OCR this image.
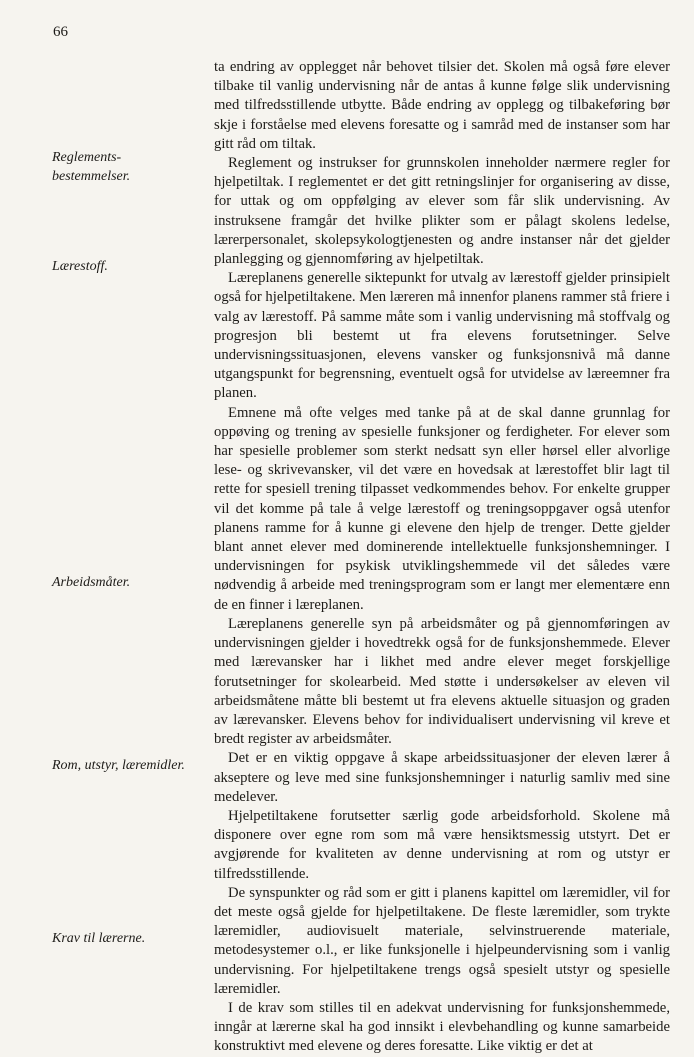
66
Reglements- bestemmelser.
Lærestoff.
Arbeidsmåter.
Rom, utstyr, læremidler.
Krav til lærerne.

ta endring av opplegget når behovet tilsier det. Skolen må også føre elever tilbake til vanlig undervisning når de antas å kunne følge slik undervisning med tilfredsstillende utbytte. Både endring av opplegg og tilbakeføring bør skje i forståelse med elevens foresatte og i samråd med de instanser som har gitt råd om tiltak.

Reglement og instrukser for grunnskolen inneholder nærmere regler for hjelpetiltak. I reglementet er det gitt retningslinjer for organisering av disse, for uttak og om oppfølging av elever som får slik undervisning. Av instruksene framgår det hvilke plikter som er pålagt skolens ledelse, lærerpersonalet, skolepsykologtjenesten og andre instanser når det gjelder planlegging og gjennomføring av hjelpetiltak.

Læreplanens generelle siktepunkt for utvalg av lærestoff gjelder prinsipielt også for hjelpetiltakene. Men læreren må innenfor planens rammer stå friere i valg av lærestoff. På samme måte som i vanlig undervisning må stoffvalg og progresjon bli bestemt ut fra elevens forutsetninger. Selve undervisningssituasjonen, elevens vansker og funksjonsnivå må danne utgangspunkt for begrensning, eventuelt også for utvidelse av læreemner fra planen.

Emnene må ofte velges med tanke på at de skal danne grunnlag for oppøving og trening av spesielle funksjoner og ferdigheter. For elever som har spesielle problemer som sterkt nedsatt syn eller hørsel eller alvorlige lese- og skrivevansker, vil det være en hovedsak at lærestoffet blir lagt til rette for spesiell trening tilpasset vedkommendes behov. For enkelte grupper vil det komme på tale å velge lærestoff og treningsoppgaver også utenfor planens ramme for å kunne gi elevene den hjelp de trenger. Dette gjelder blant annet elever med dominerende intellektuelle funksjonshemninger. I undervisningen for psykisk utviklingshemmede vil det således være nødvendig å arbeide med treningsprogram som er langt mer elementære enn de en finner i læreplanen.

Læreplanens generelle syn på arbeidsmåter og på gjennomføringen av undervisningen gjelder i hovedtrekk også for de funksjonshemmede. Elever med lærevansker har i likhet med andre elever meget forskjellige forutsetninger for skolearbeid. Med støtte i undersøkelser av eleven vil arbeidsmåtene måtte bli bestemt ut fra elevens aktuelle situasjon og graden av lærevansker. Elevens behov for individualisert undervisning vil kreve et bredt register av arbeidsmåter.

Det er en viktig oppgave å skape arbeidssituasjoner der eleven lærer å akseptere og leve med sine funksjonshemninger i naturlig samliv med sine medelever.

Hjelpetiltakene forutsetter særlig gode arbeidsforhold. Skolene må disponere over egne rom som må være hensiktsmessig utstyrt. Det er avgjørende for kvaliteten av denne undervisning at rom og utstyr er tilfredsstillende.

De synspunkter og råd som er gitt i planens kapittel om læremidler, vil for det meste også gjelde for hjelpetiltakene. De fleste læremidler, som trykte læremidler, audiovisuelt materiale, selvinstruerende materiale, metodesystemer o.l., er like funksjonelle i hjelpeundervisning som i vanlig undervisning. For hjelpetiltakene trengs også spesielt utstyr og spesielle læremidler.

I de krav som stilles til en adekvat undervisning for funksjonshemmede, inngår at lærerne skal ha god innsikt i elevbehandling og kunne samarbeide konstruktivt med elevene og deres foresatte. Like viktig er det at
